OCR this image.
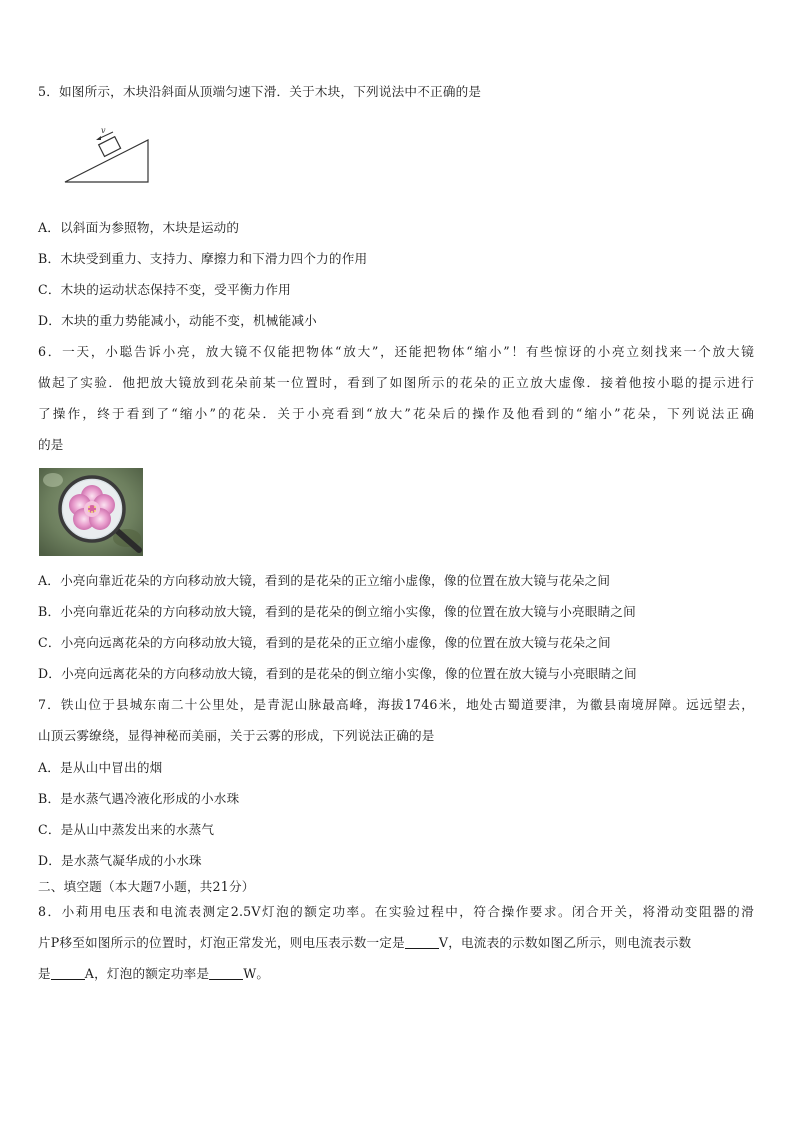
5．如图所示，木块沿斜面从顶端匀速下滑．关于木块，下列说法中不正确的是
v
A．以斜面为参照物，木块是运动的
B．木块受到重力、支持力、摩擦力和下滑力四个力的作用
C．木块的运动状态保持不变，受平衡力作用
D．木块的重力势能减小，动能不变，机械能减小
6．一天，小聪告诉小亮，放大镜不仅能把物体“放大”，还能把物体“缩小”！有些惊讶的小亮立刻找来一个放大镜
做起了实验．他把放大镜放到花朵前某一位置时，看到了如图所示的花朵的正立放大虚像．接着他按小聪的提示进行
了操作，终于看到了“缩小”的花朵．关于小亮看到“放大”花朵后的操作及他看到的“缩小”花朵，下列说法正确
的是
A．小亮向靠近花朵的方向移动放大镜，看到的是花朵的正立缩小虚像，像的位置在放大镜与花朵之间
B．小亮向靠近花朵的方向移动放大镜，看到的是花朵的倒立缩小实像，像的位置在放大镜与小亮眼睛之间
C．小亮向远离花朵的方向移动放大镜，看到的是花朵的正立缩小虚像，像的位置在放大镜与花朵之间
D．小亮向远离花朵的方向移动放大镜，看到的是花朵的倒立缩小实像，像的位置在放大镜与小亮眼睛之间
7．铁山位于县城东南二十公里处，是青泥山脉最高峰，海拔1746米，地处古蜀道要津，为徽县南境屏障。远远望去，
山顶云雾缭绕，显得神秘而美丽，关于云雾的形成，下列说法正确的是
A．是从山中冒出的烟
B．是水蒸气遇冷液化形成的小水珠
C．是从山中蒸发出来的水蒸气
D．是水蒸气凝华成的小水珠
二、填空题（本大题7小题，共21分）
8．小莉用电压表和电流表测定2.5V灯泡的额定功率。在实验过程中，符合操作要求。闭合开关，将滑动变阻器的滑
片P移至如图所示的位置时，灯泡正常发光，则电压表示数一定是	V，电流表的示数如图乙所示，则电流表示数
是	A，灯泡的额定功率是	W。
